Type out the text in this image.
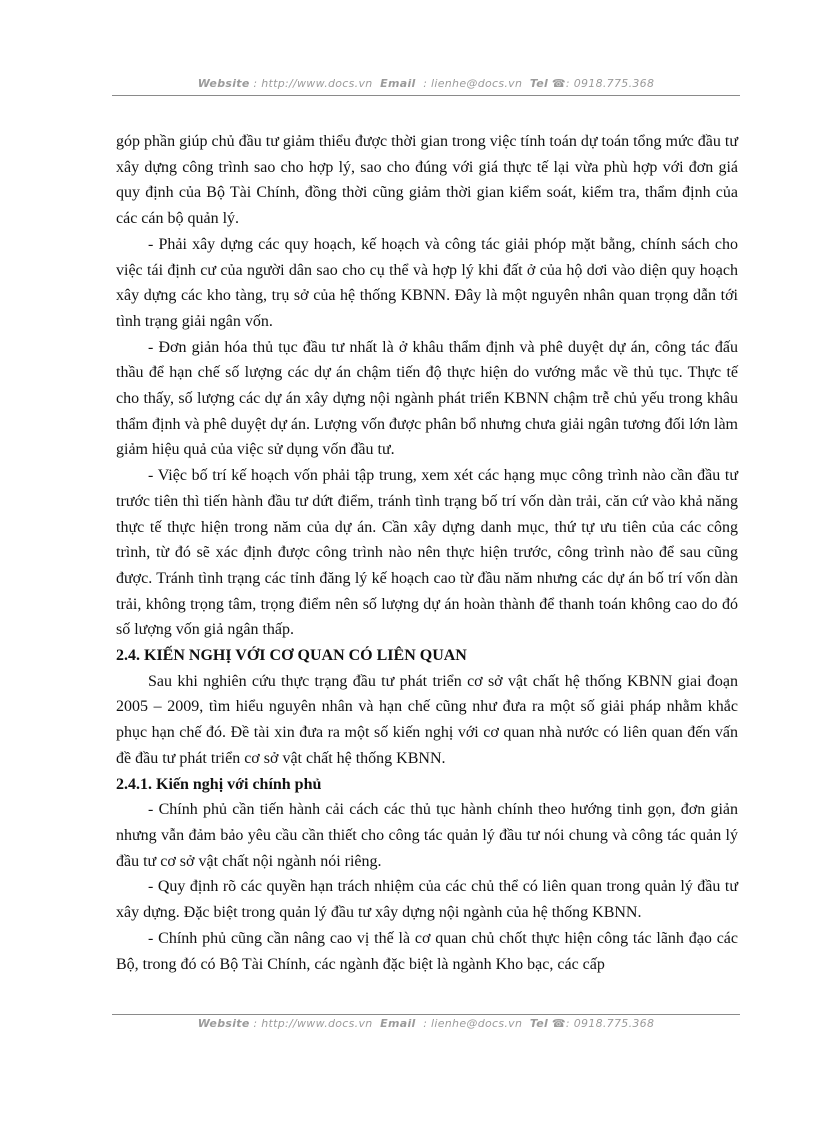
Website : http://www.docs.vn Email : lienhe@docs.vn Tel ☎: 0918.775.368

góp phần giúp chủ đầu tư giảm thiểu được thời gian trong việc tính toán dự toán tổng mức đầu tư xây dựng công trình sao cho hợp lý, sao cho đúng với giá thực tế lại vừa phù hợp với đơn giá quy định của Bộ Tài Chính, đồng thời cũng giảm thời gian kiểm soát, kiểm tra, thẩm định của các cán bộ quản lý.

- Phải xây dựng các quy hoạch, kế hoạch và công tác giải phóp mặt bằng, chính sách cho việc tái định cư của người dân sao cho cụ thể và hợp lý khi đất ở của hộ dơi vào diện quy hoạch xây dựng các kho tàng, trụ sở của hệ thống KBNN. Đây là một nguyên nhân quan trọng dẫn tới tình trạng giải ngân vốn.

- Đơn giản hóa thủ tục đầu tư nhất là ở khâu thẩm định và phê duyệt dự án, công tác đấu thầu để hạn chế số lượng các dự án chậm tiến độ thực hiện do vướng mắc về thủ tục. Thực tế cho thấy, số lượng các dự án xây dựng nội ngành phát triển KBNN chậm trễ chủ yếu trong khâu thẩm định và phê duyệt dự án. Lượng vốn được phân bổ nhưng chưa giải ngân tương đối lớn làm giảm hiệu quả của việc sử dụng vốn đầu tư.

- Việc bố trí kế hoạch vốn phải tập trung, xem xét các hạng mục công trình nào cần đầu tư trước tiên thì tiến hành đầu tư dứt điểm, tránh tình trạng bố trí vốn dàn trải, căn cứ vào khả năng thực tế thực hiện trong năm của dự án. Cần xây dựng danh mục, thứ tự ưu tiên của các công trình, từ đó sẽ xác định được công trình nào nên thực hiện trước, công trình nào để sau cũng được. Tránh tình trạng các tỉnh đăng lý kế hoạch cao từ đầu năm nhưng các dự án bố trí vốn dàn trải, không trọng tâm, trọng điểm nên số lượng dự án hoàn thành để thanh toán không cao do đó số lượng vốn giả ngân thấp.

2.4. KIẾN NGHỊ VỚI CƠ QUAN CÓ LIÊN QUAN

Sau khi nghiên cứu thực trạng đầu tư phát triển cơ sở vật chất hệ thống KBNN giai đoạn 2005 – 2009, tìm hiểu nguyên nhân và hạn chế cũng như đưa ra một số giải pháp nhằm khắc phục hạn chế đó. Đề tài xin đưa ra một số kiến nghị với cơ quan nhà nước có liên quan đến vấn đề đầu tư phát triển cơ sở vật chất hệ thống KBNN.

2.4.1. Kiến nghị với chính phủ

- Chính phủ cần tiến hành cải cách các thủ tục hành chính theo hướng tinh gọn, đơn giản nhưng vẫn đảm bảo yêu cầu cần thiết cho công tác quản lý đầu tư nói chung và công tác quản lý đầu tư cơ sở vật chất nội ngành nói riêng.

- Quy định rõ các quyền hạn trách nhiệm của các chủ thể có liên quan trong quản lý đầu tư xây dựng. Đặc biệt trong quản lý đầu tư xây dựng nội ngành của hệ thống KBNN.

- Chính phủ cũng cần nâng cao vị thế là cơ quan chủ chốt thực hiện công tác lãnh đạo các Bộ, trong đó có Bộ Tài Chính, các ngành đặc biệt là ngành Kho bạc, các cấp

Website : http://www.docs.vn Email : lienhe@docs.vn Tel ☎: 0918.775.368
